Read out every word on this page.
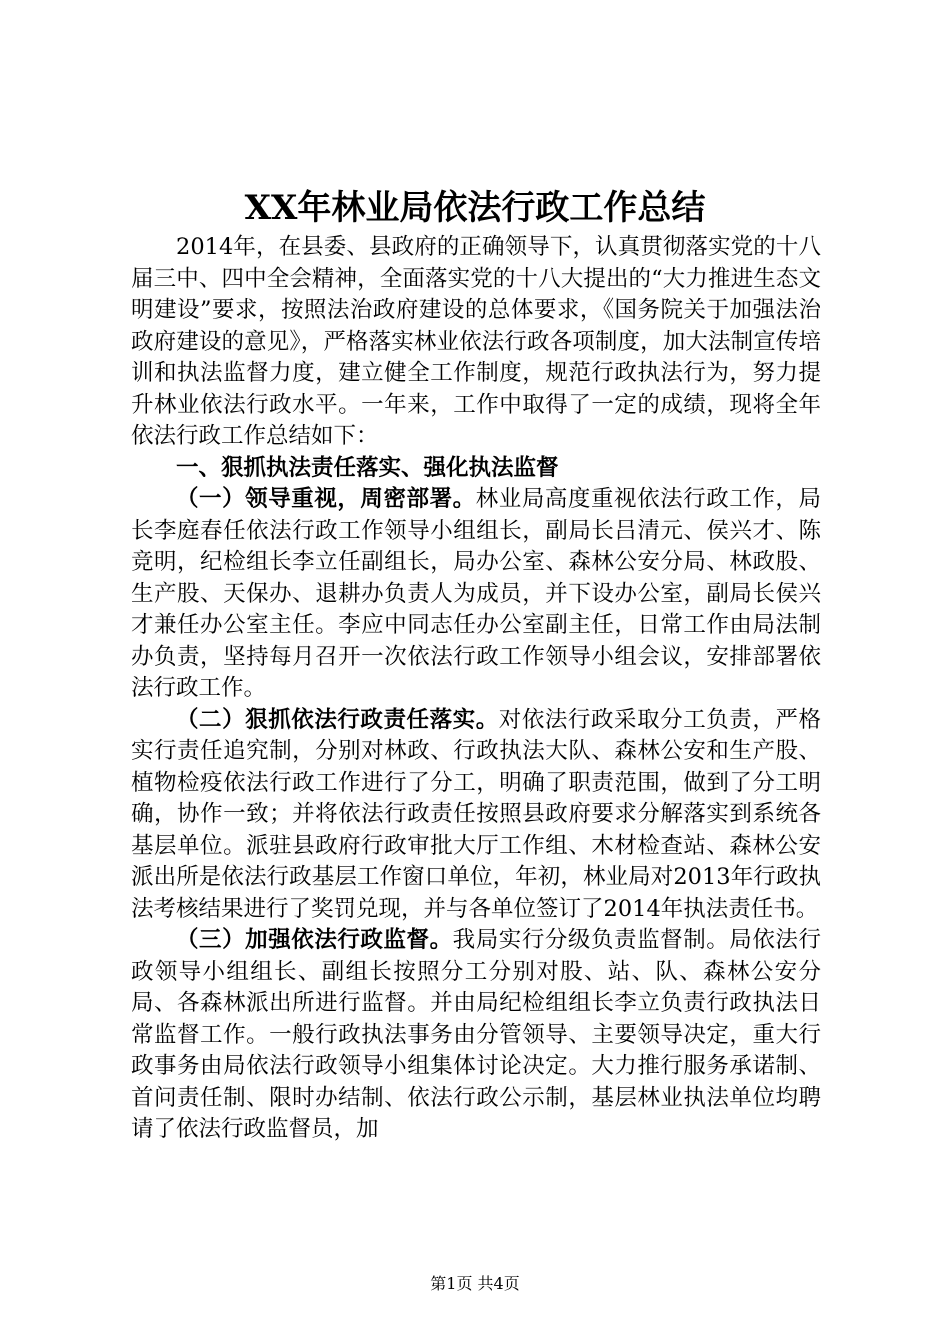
XX年林业局依法行政工作总结

2014年，在县委、县政府的正确领导下，认真贯彻落实党的十八届三中、四中全会精神，全面落实党的十八大提出的“大力推进生态文明建设”要求，按照法治政府建设的总体要求，《国务院关于加强法治政府建设的意见》，严格落实林业依法行政各项制度，加大法制宣传培训和执法监督力度，建立健全工作制度，规范行政执法行为，努力提升林业依法行政水平。一年来，工作中取得了一定的成绩，现将全年依法行政工作总结如下：

一、狠抓执法责任落实、强化执法监督

（一）领导重视，周密部署。林业局高度重视依法行政工作，局长李庭春任依法行政工作领导小组组长，副局长吕清元、侯兴才、陈竞明，纪检组长李立任副组长，局办公室、森林公安分局、林政股、生产股、天保办、退耕办负责人为成员，并下设办公室，副局长侯兴才兼任办公室主任。李应中同志任办公室副主任，日常工作由局法制办负责，坚持每月召开一次依法行政工作领导小组会议，安排部署依法行政工作。

（二）狠抓依法行政责任落实。对依法行政采取分工负责，严格实行责任追究制，分别对林政、行政执法大队、森林公安和生产股、植物检疫依法行政工作进行了分工，明确了职责范围，做到了分工明确，协作一致；并将依法行政责任按照县政府要求分解落实到系统各基层单位。派驻县政府行政审批大厅工作组、木材检查站、森林公安派出所是依法行政基层工作窗口单位，年初，林业局对2013年行政执法考核结果进行了奖罚兑现，并与各单位签订了2014年执法责任书。

（三）加强依法行政监督。我局实行分级负责监督制。局依法行政领导小组组长、副组长按照分工分别对股、站、队、森林公安分局、各森林派出所进行监督。并由局纪检组组长李立负责行政执法日常监督工作。一般行政执法事务由分管领导、主要领导决定，重大行政事务由局依法行政领导小组集体讨论决定。大力推行服务承诺制、首问责任制、限时办结制、依法行政公示制，基层林业执法单位均聘请了依法行政监督员，加

第1页 共4页
